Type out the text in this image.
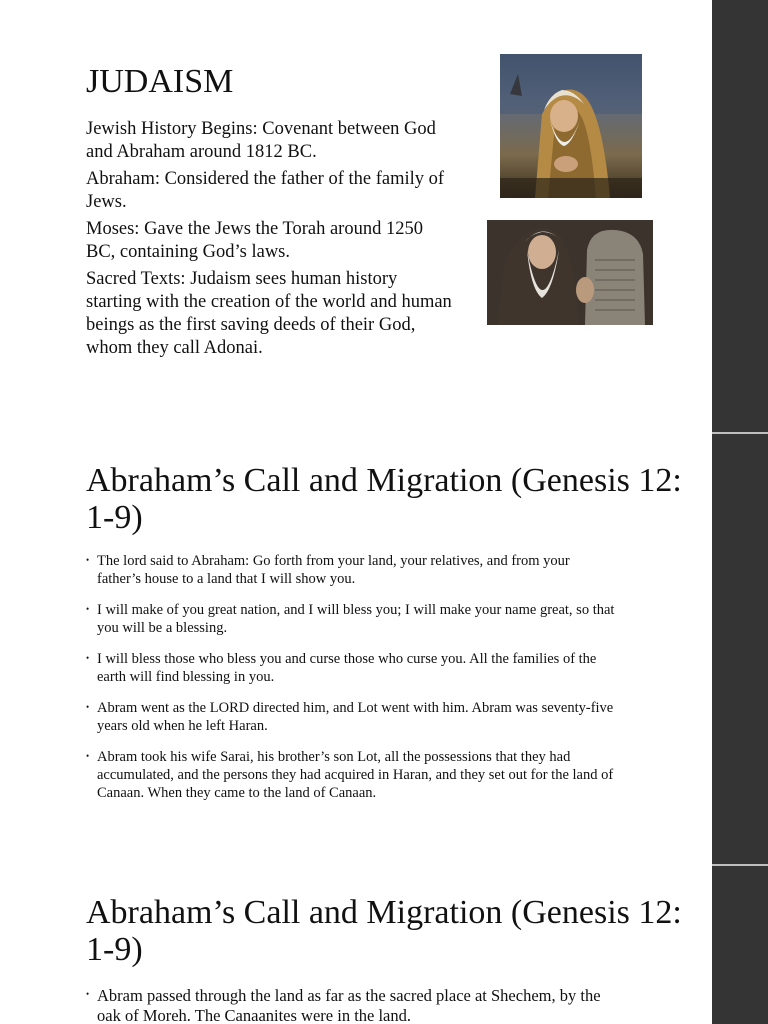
JUDAISM

Jewish History Begins: Covenant between God and Abraham around 1812 BC.

Abraham: Considered the father of the family of Jews.

Moses: Gave the Jews the Torah around 1250 BC, containing God’s laws.

Sacred Texts: Judaism sees human history starting with the creation of the world and human beings as the first saving deeds of their God, whom they call Adonai.

Abraham’s Call and Migration (Genesis 12: 1-9)
• The lord said to Abraham: Go forth from your land, your relatives, and from your father’s house to a land that I will show you.
• I will make of you great nation, and I will bless you; I will make your name great, so that you will be a blessing.
• I will bless those who bless you and curse those who curse you. All the families of the earth will find blessing in you.
• Abram went as the LORD directed him, and Lot went with him. Abram was seventy-five years old when he left Haran.
• Abram took his wife Sarai, his brother’s son Lot, all the possessions that they had accumulated, and the persons they had acquired in Haran, and they set out for the land of Canaan. When they came to the land of Canaan.
Abraham’s Call and Migration (Genesis 12: 1-9)
• Abram passed through the land as far as the sacred place at Shechem, by the oak of Moreh. The Canaanites were in the land.
